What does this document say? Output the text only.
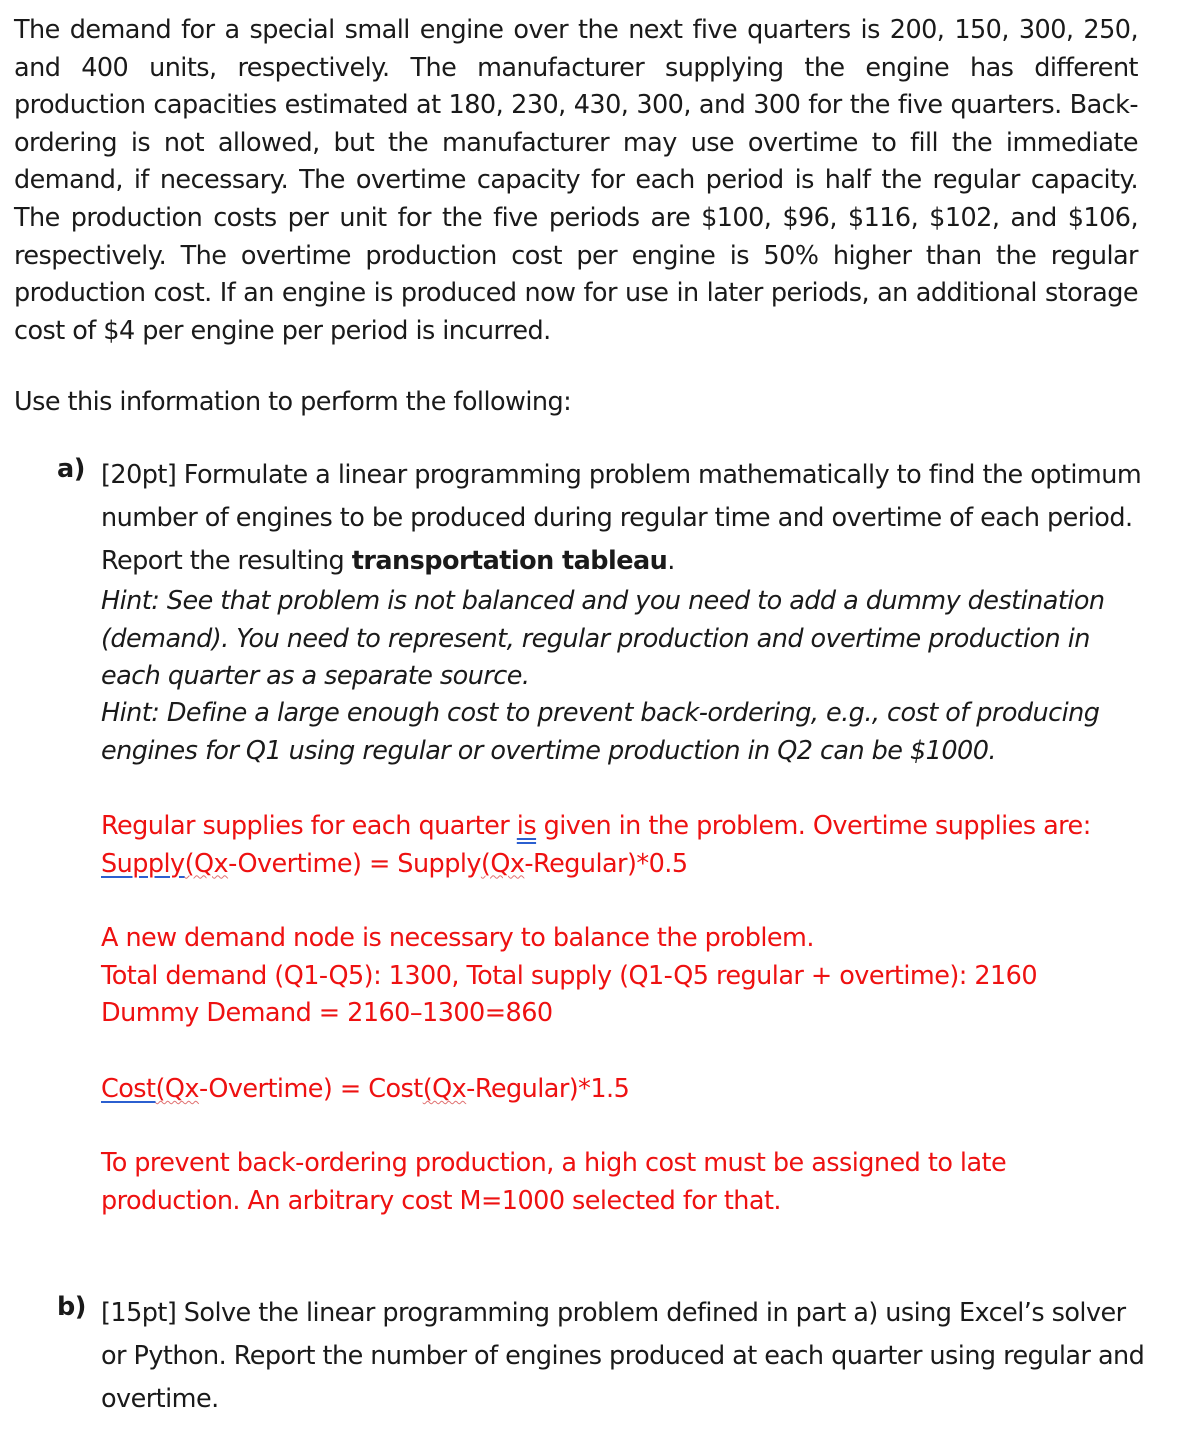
The demand for a special small engine over the next five quarters is 200, 150, 300, 250, and 400 units, respectively. The manufacturer supplying the engine has different production capacities estimated at 180, 230, 430, 300, and 300 for the five quarters. Back-ordering is not allowed, but the manufacturer may use overtime to fill the immediate demand, if necessary. The overtime capacity for each period is half the regular capacity. The production costs per unit for the five periods are $100, $96, $116, $102, and $106, respectively. The overtime production cost per engine is 50% higher than the regular production cost. If an engine is produced now for use in later periods, an additional storage cost of $4 per engine per period is incurred.
Use this information to perform the following:
a) [20pt] Formulate a linear programming problem mathematically to find the optimum number of engines to be produced during regular time and overtime of each period. Report the resulting transportation tableau.
Hint: See that problem is not balanced and you need to add a dummy destination (demand). You need to represent, regular production and overtime production in each quarter as a separate source.
Hint: Define a large enough cost to prevent back-ordering, e.g., cost of producing engines for Q1 using regular or overtime production in Q2 can be $1000.
Regular supplies for each quarter is given in the problem. Overtime supplies are:
Supply(Qx-Overtime) = Supply(Qx-Regular)*0.5
A new demand node is necessary to balance the problem.
Total demand (Q1-Q5): 1300, Total supply (Q1-Q5 regular + overtime): 2160
Dummy Demand = 2160–1300=860
Cost(Qx-Overtime) = Cost(Qx-Regular)*1.5
To prevent back-ordering production, a high cost must be assigned to late production. An arbitrary cost M=1000 selected for that.
b) [15pt] Solve the linear programming problem defined in part a) using Excel’s solver or Python. Report the number of engines produced at each quarter using regular and overtime.
